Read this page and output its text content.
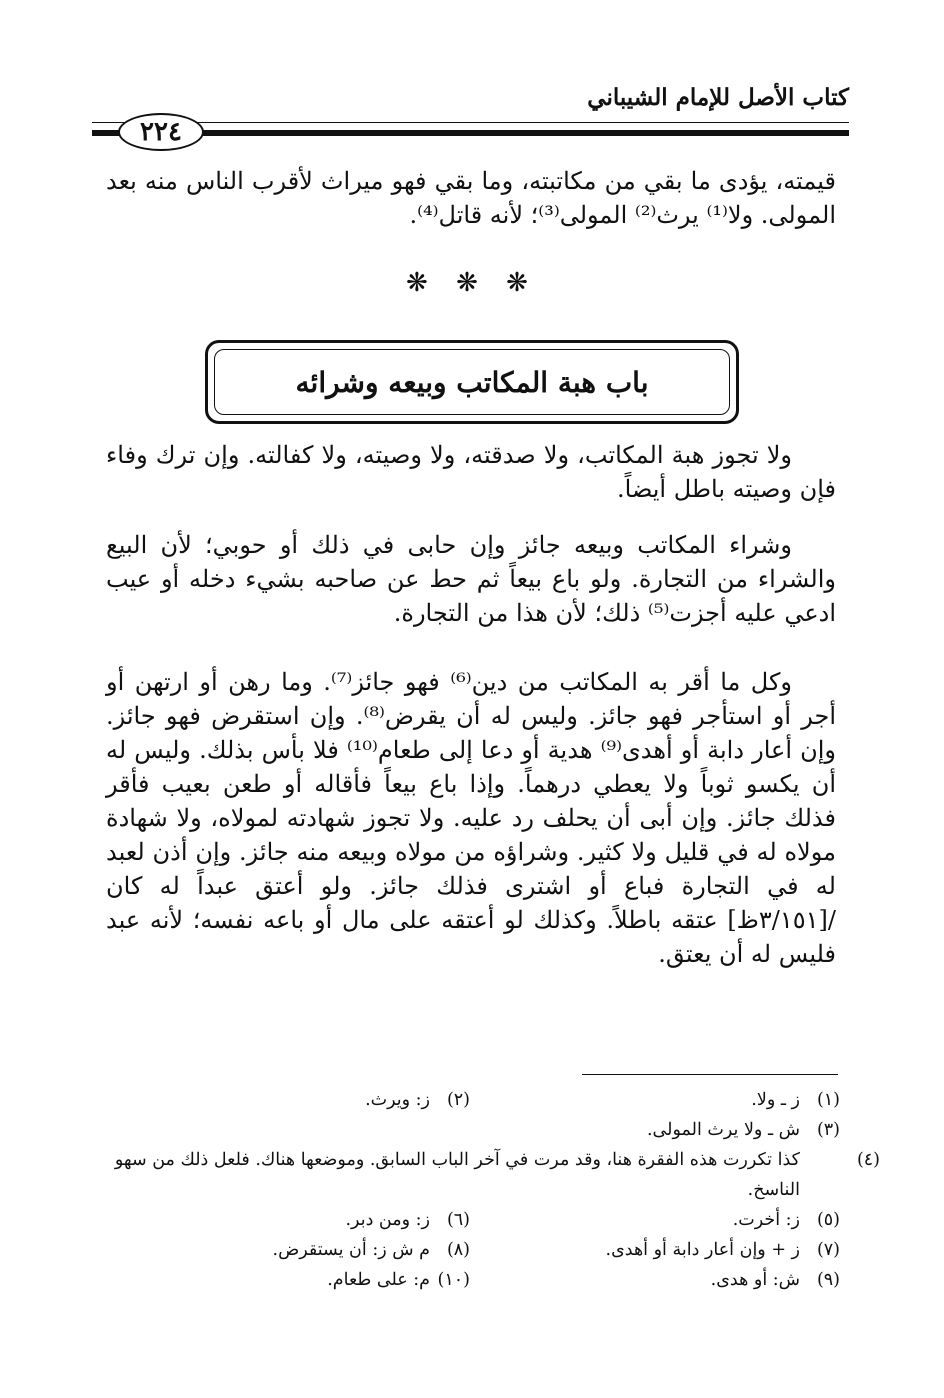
كتاب الأصل للإمام الشيباني
٢٢٤
قيمته، يؤدى ما بقي من مكاتبته، وما بقي فهو ميراث لأقرب الناس منه بعد المولى. ولا⁽¹⁾ يرث⁽²⁾ المولى⁽³⁾؛ لأنه قاتل⁽⁴⁾.
❋ ❋ ❋
باب هبة المكاتب وبيعه وشرائه
ولا تجوز هبة المكاتب، ولا صدقته، ولا وصيته، ولا كفالته. وإن ترك وفاء فإن وصيته باطل أيضاً.
وشراء المكاتب وبيعه جائز وإن حابى في ذلك أو حوبي؛ لأن البيع والشراء من التجارة. ولو باع بيعاً ثم حط عن صاحبه بشيء دخله أو عيب ادعي عليه أجزت⁽⁵⁾ ذلك؛ لأن هذا من التجارة.
وكل ما أقر به المكاتب من دين⁽⁶⁾ فهو جائز⁽⁷⁾. وما رهن أو ارتهن أو أجر أو استأجر فهو جائز. وليس له أن يقرض⁽⁸⁾. وإن استقرض فهو جائز. وإن أعار دابة أو أهدى⁽⁹⁾ هدية أو دعا إلى طعام⁽¹⁰⁾ فلا بأس بذلك. وليس له أن يكسو ثوباً ولا يعطي درهماً. وإذا باع بيعاً فأقاله أو طعن بعيب فأقر فذلك جائز. وإن أبى أن يحلف رد عليه. ولا تجوز شهادته لمولاه، ولا شهادة مولاه له في قليل ولا كثير. وشراؤه من مولاه وبيعه منه جائز. وإن أذن لعبد له في التجارة فباع أو اشترى فذلك جائز. ولو أعتق عبداً له كان /[٣/١٥١ظ] عتقه باطلاً. وكذلك لو أعتقه على مال أو باعه نفسه؛ لأنه عبد فليس له أن يعتق.
(١)ز ـ ولا.
(٢)ز: ويرث.
(٣)ش ـ ولا يرث المولى.
(٤)كذا تكررت هذه الفقرة هنا، وقد مرت في آخر الباب السابق. وموضعها هناك. فلعل ذلك من سهو الناسخ.
(٥)ز: أخرت.
(٦)ز: ومن دبر.
(٧)ز + وإن أعار دابة أو أهدى.
(٨)م ش ز: أن يستقرض.
(٩)ش: أو هدى.
(١٠)م: على طعام.
